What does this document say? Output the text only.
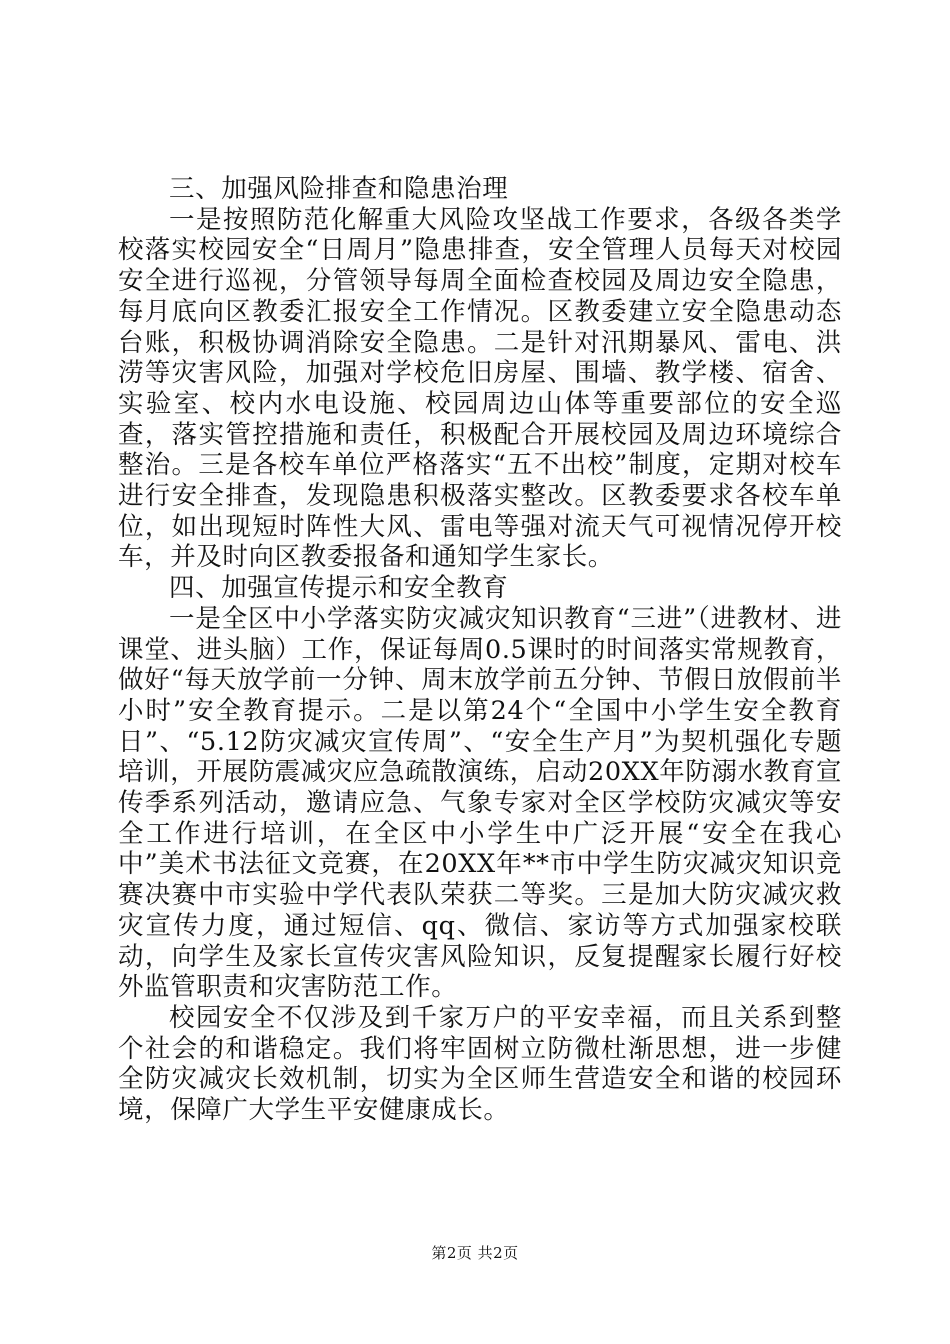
三、加强风险排查和隐患治理

一是按照防范化解重大风险攻坚战工作要求，各级各类学校落实校园安全“日周月”隐患排查，安全管理人员每天对校园安全进行巡视，分管领导每周全面检查校园及周边安全隐患，每月底向区教委汇报安全工作情况。区教委建立安全隐患动态台账，积极协调消除安全隐患。二是针对汛期暴风、雷电、洪涝等灾害风险，加强对学校危旧房屋、围墙、教学楼、宿舍、实验室、校内水电设施、校园周边山体等重要部位的安全巡查，落实管控措施和责任，积极配合开展校园及周边环境综合整治。三是各校车单位严格落实“五不出校”制度，定期对校车进行安全排查，发现隐患积极落实整改。区教委要求各校车单位，如出现短时阵性大风、雷电等强对流天气可视情况停开校车，并及时向区教委报备和通知学生家长。

四、加强宣传提示和安全教育

一是全区中小学落实防灾减灾知识教育“三进”（进教材、进课堂、进头脑）工作，保证每周0.5课时的时间落实常规教育，做好“每天放学前一分钟、周末放学前五分钟、节假日放假前半小时”安全教育提示。二是以第24个“全国中小学生安全教育日”、“5.12防灾减灾宣传周”、“安全生产月”为契机强化专题培训，开展防震减灾应急疏散演练，启动20XX年防溺水教育宣传季系列活动，邀请应急、气象专家对全区学校防灾减灾等安全工作进行培训，在全区中小学生中广泛开展“安全在我心中”美术书法征文竞赛，在20XX年**市中学生防灾减灾知识竞赛决赛中市实验中学代表队荣获二等奖。三是加大防灾减灾救灾宣传力度，通过短信、qq、微信、家访等方式加强家校联动，向学生及家长宣传灾害风险知识，反复提醒家长履行好校外监管职责和灾害防范工作。

校园安全不仅涉及到千家万户的平安幸福，而且关系到整个社会的和谐稳定。我们将牢固树立防微杜渐思想，进一步健全防灾减灾长效机制，切实为全区师生营造安全和谐的校园环境，保障广大学生平安健康成长。

第2页 共2页
